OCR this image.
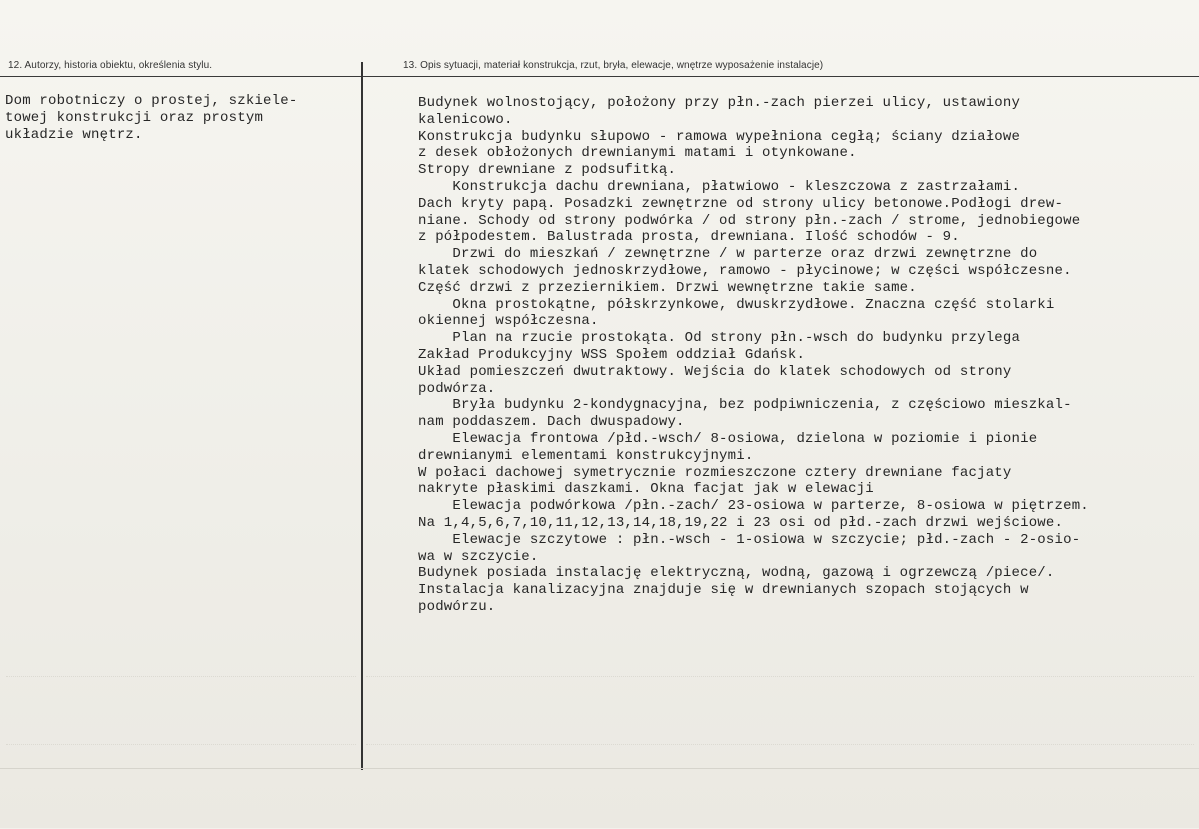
12. Autorzy, historia obiektu, określenia stylu.	13. Opis sytuacji, materiał konstrukcja, rzut, bryła, elewacje, wnętrze wyposażenie instalacje)
Dom robotniczy o prostej, szkiele-
towej konstrukcji oraz prostym
układzie wnętrz.
Budynek wolnostojący, położony przy płn.-zach pierzei ulicy, ustawiony
kalenicowo.
Konstrukcja budynku słupowo - ramowa wypełniona cegłą; ściany działowe
z desek obłożonych drewnianymi matami i otynkowane.
Stropy drewniane z podsufitką.
Konstrukcja dachu drewniana, płatwiowo - kleszczowa z zastrzałami.
Dach kryty papą. Posadzki zewnętrzne od strony ulicy betonowe.Podłogi drew-
niane. Schody od strony podwórka / od strony płn.-zach / strome, jednobiegowe
z półpodestem. Balustrada prosta, drewniana. Ilość schodów - 9.
Drzwi do mieszkań / zewnętrzne / w parterze oraz drzwi zewnętrzne do
klatek schodowych jednoskrzydłowe, ramowo - płycinowe; w części współczesne.
Część drzwi z przeziernikiem. Drzwi wewnętrzne takie same.
Okna prostokątne, półskrzynkowe, dwuskrzydłowe. Znaczna część stolarki
okiennej współczesna.
Plan na rzucie prostokąta. Od strony płn.-wsch do budynku przylega
Zakład Produkcyjny WSS Społem oddział Gdańsk.
Układ pomieszczeń dwutraktowy. Wejścia do klatek schodowych od strony
podwórza.
Bryła budynku 2-kondygnacyjna, bez podpiwniczenia, z częściowo mieszkal-
nam poddaszem. Dach dwuspadowy.
Elewacja frontowa /płd.-wsch/ 8-osiowa, dzielona w poziomie i pionie
drewnianymi elementami konstrukcyjnymi.
W połaci dachowej symetrycznie rozmieszczone cztery drewniane facjaty
nakryte płaskimi daszkami. Okna facjat jak w elewacji
Elewacja podwórkowa /płn.-zach/ 23-osiowa w parterze, 8-osiowa w piętrzem.
Na 1,4,5,6,7,10,11,12,13,14,18,19,22 i 23 osi od płd.-zach drzwi wejściowe.
Elewacje szczytowe : płn.-wsch - 1-osiowa w szczycie; płd.-zach - 2-osio-
wa w szczycie.
Budynek posiada instalację elektryczną, wodną, gazową i ogrzewczą /piece/.
Instalacja kanalizacyjna znajduje się w drewnianych szopach stojących w
podwórzu.
